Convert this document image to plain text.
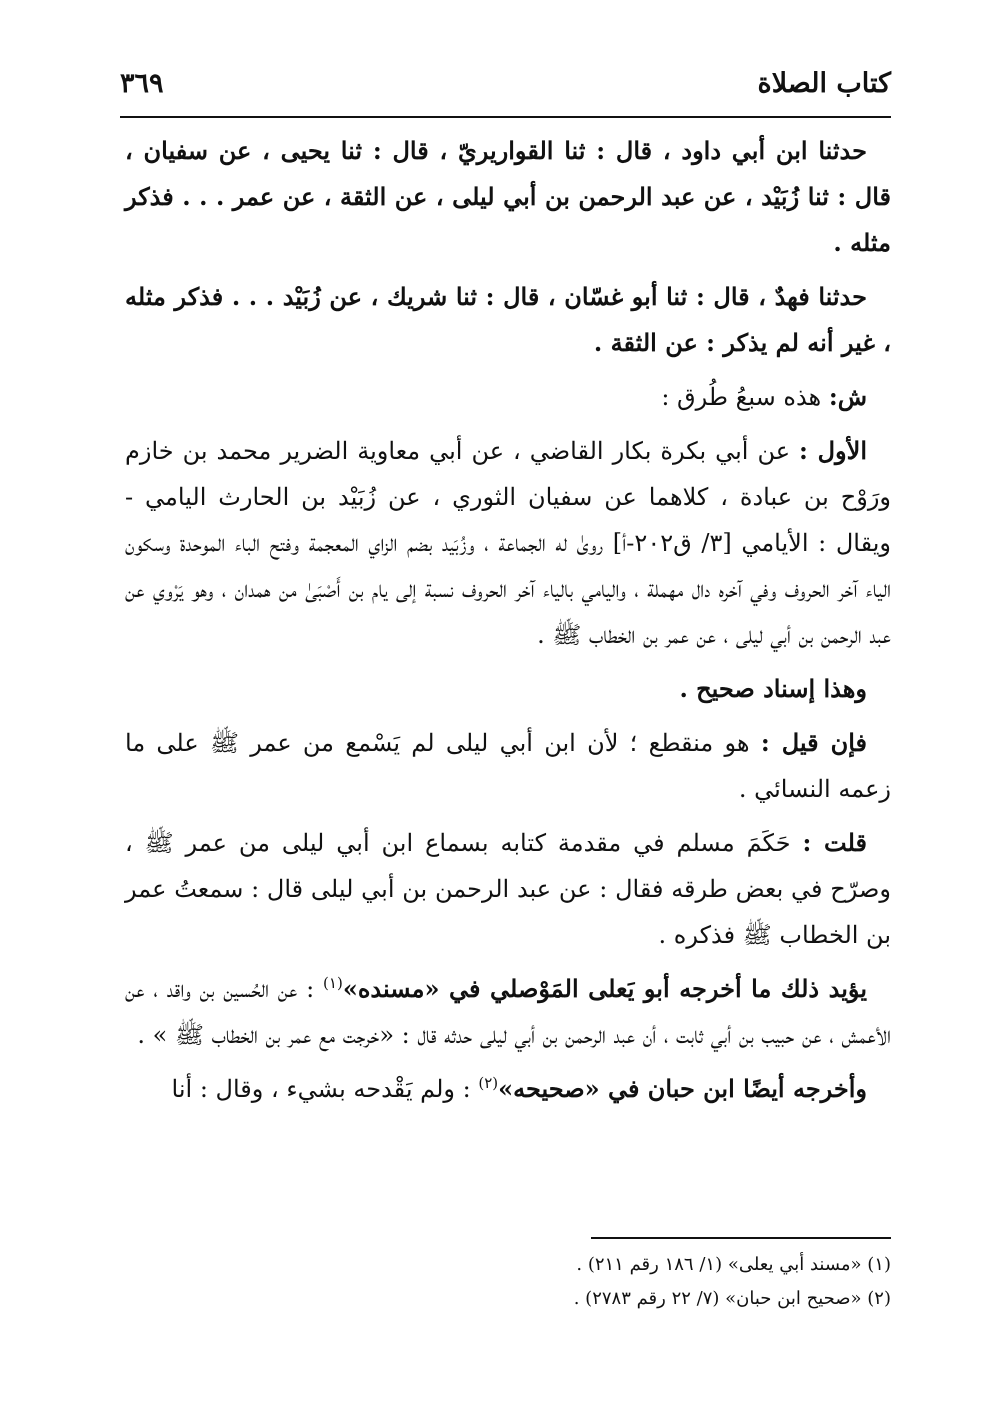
كتاب الصلاة
٣٦٩

حدثنا ابن أبي داود ، قال : ثنا القواريريّ ، قال : ثنا يحيى ، عن سفيان ، قال : ثنا زُبَيْد ، عن عبد الرحمن بن أبي ليلى ، عن الثقة ، عن عمر . . . فذكر مثله .

حدثنا فهدٌ ، قال : ثنا أبو غسّان ، قال : ثنا شريك ، عن زُبَيْد . . . فذكر مثله ، غير أنه لم يذكر : عن الثقة .

ش: هذه سبعُ طُرق :

الأول : عن أبي بكرة بكار القاضي ، عن أبي معاوية الضرير محمد بن خازم ورَوْح بن عبادة ، كلاهما عن سفيان الثوري ، عن زُبَيْد بن الحارث اليامي - ويقال : الأيامي [٣/ ق٢٠٢-أ] روىٰ له الجماعة ، وزُبَيد بضم الزاي المعجمة وفتح الباء الموحدة وسكون الياء آخر الحروف وفي آخره دال مهملة ، واليامي بالياء آخر الحروف نسبة إلى يام بن أَصْبَىٰ من همدان ، وهو يَرْوي عن عبد الرحمن بن أبي ليلى ، عن عمر بن الخطاب ﷺ .

وهذا إسناد صحيح .

فإن قيل : هو منقطع ؛ لأن ابن أبي ليلى لم يَسْمع من عمر ﷺ على ما زعمه النسائي .

قلت : حَكَمَ مسلم في مقدمة كتابه بسماع ابن أبي ليلى من عمر ﷺ ، وصرّح في بعض طرقه فقال : عن عبد الرحمن بن أبي ليلى قال : سمعتُ عمر بن الخطاب ﷺ فذكره .

يؤيد ذلك ما أخرجه أبو يَعلى المَوْصلي في «مسنده»$^{(١)}$ : عن الحُسين بن واقد ، عن الأعمش ، عن حبيب بن أبي ثابت ، أن عبد الرحمن بن أبي ليلى حدثه قال : «خرجت مع عمر بن الخطاب ﷺ » .

وأخرجه أيضًا ابن حبان في «صحيحه»$^{(٢)}$ : ولم يَقْدحه بشيء ، وقال : أنا

(١) «مسند أبي يعلى» (١/ ١٨٦ رقم ٢١١) .
(٢) «صحيح ابن حبان» (٧/ ٢٢ رقم ٢٧٨٣) .
